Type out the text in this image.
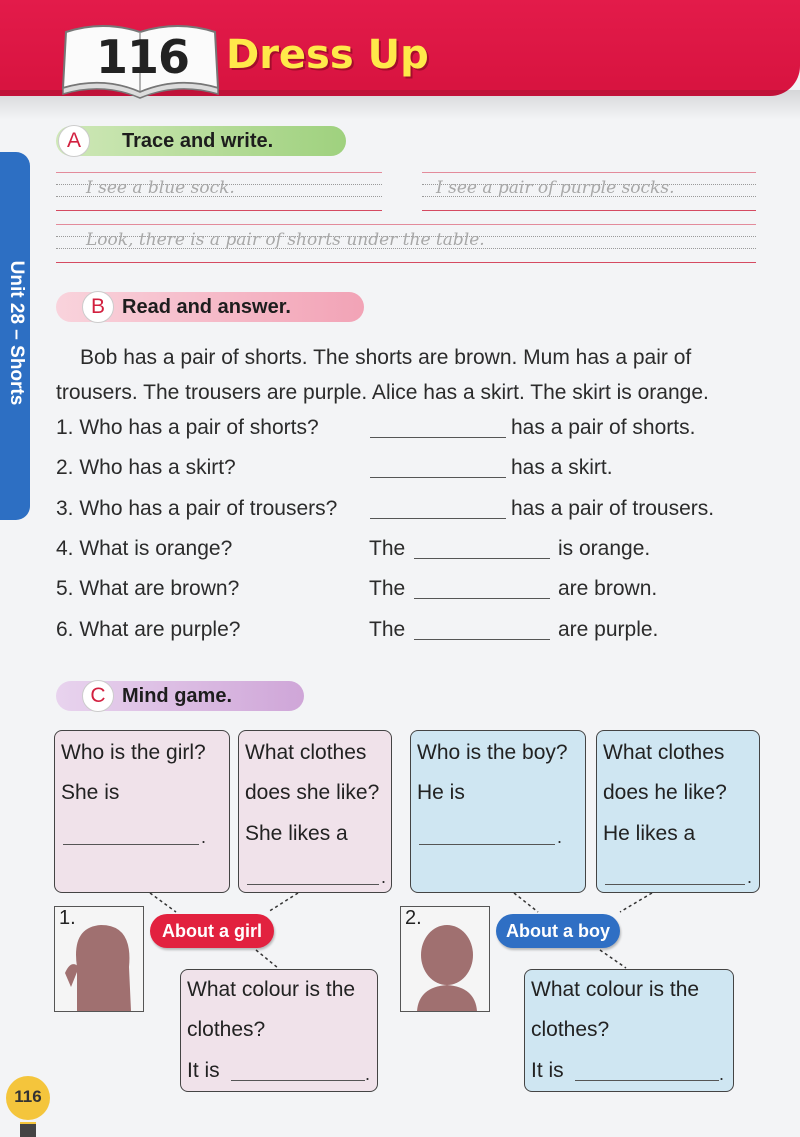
116 Dress Up
Unit 28 – Shorts
A	Trace and write.
I see a blue sock.	I see a pair of purple socks.
Look, there is a pair of shorts under the table.
B Read and answer.
Bob has a pair of shorts. The shorts are brown. Mum has a pair of
trousers. The trousers are purple. Alice has a skirt. The skirt is orange.
1. Who has a pair of shorts?	has a pair of shorts.
2. Who has a skirt?	has a skirt.
3. Who has a pair of trousers?	has a pair of trousers.
4. What is orange?	The	is orange.
5. What are brown?	The	are brown.
6. What are purple?	The	are purple.
C Mind game.
Who is the girl?
She is
.
What clothes
does she like?
She likes a
.
Who is the boy?
He is
.
What clothes
does he like?
He likes a
.
1.	2.
About a girl	About a boy
What colour is the
clothes?
It is	.
What colour is the
clothes?
It is	.
116
